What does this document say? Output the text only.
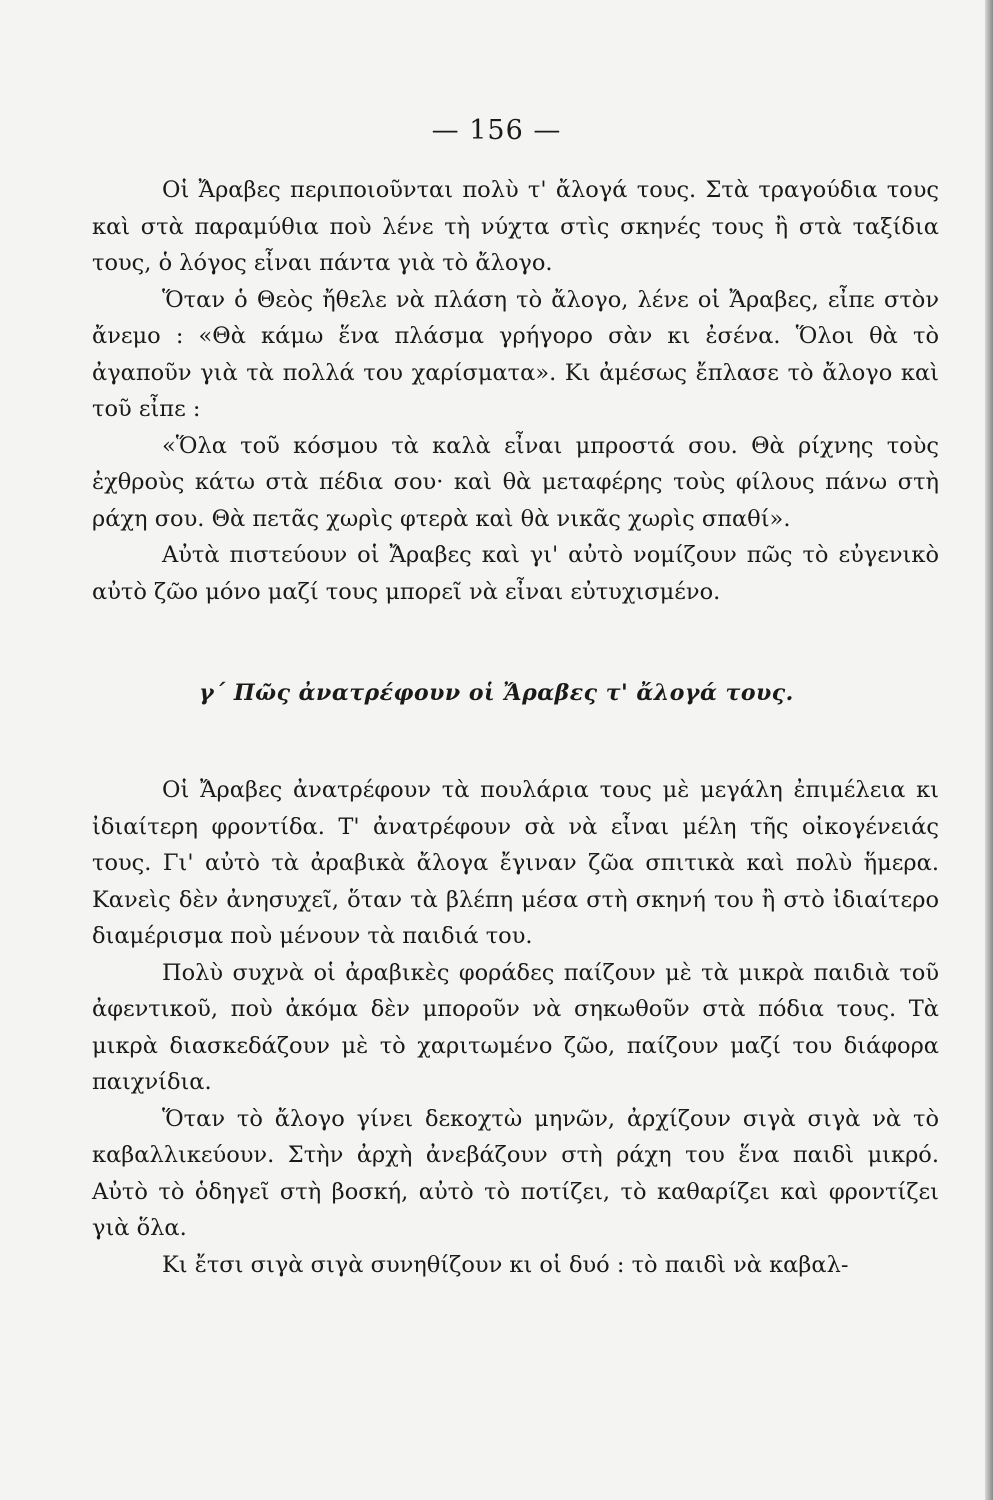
— 156 —

Οἱ Ἄραβες περιποιοῦνται πολὺ τ' ἄλογά τους. Στὰ τραγούδια τους καὶ στὰ παραμύθια ποὺ λένε τὴ νύχτα στὶς σκηνές τους ἢ στὰ ταξίδια τους, ὁ λόγος εἶναι πάντα γιὰ τὸ ἄλογο.

Ὅταν ὁ Θεὸς ἤθελε νὰ πλάση τὸ ἄλογο, λένε οἱ Ἄραβες, εἶπε στὸν ἄνεμο : «Θὰ κάμω ἕνα πλάσμα γρήγορο σὰν κι ἐσένα. Ὅλοι θὰ τὸ ἀγαποῦν γιὰ τὰ πολλά του χαρίσματα». Κι ἀμέσως ἔπλασε τὸ ἄλογο καὶ τοῦ εἶπε :

«Ὅλα τοῦ κόσμου τὰ καλὰ εἶναι μπροστά σου. Θὰ ρίχνης τοὺς ἐχθροὺς κάτω στὰ πέδια σου· καὶ θὰ μεταφέρης τοὺς φίλους πάνω στὴ ράχη σου. Θὰ πετᾶς χωρὶς φτερὰ καὶ θὰ νικᾶς χωρὶς σπαθί».

Αὐτὰ πιστεύουν οἱ Ἄραβες καὶ γι' αὐτὸ νομίζουν πῶς τὸ εὐγενικὸ αὐτὸ ζῶο μόνο μαζί τους μπορεῖ νὰ εἶναι εὐτυχισμένο.

γ΄ Πῶς ἀνατρέφουν οἱ Ἄραβες τ' ἄλογά τους.

Οἱ Ἄραβες ἀνατρέφουν τὰ πουλάρια τους μὲ μεγάλη ἐπιμέλεια κι ἰδιαίτερη φροντίδα. Τ' ἀνατρέφουν σὰ νὰ εἶναι μέλη τῆς οἰκογένειάς τους. Γι' αὐτὸ τὰ ἀραβικὰ ἄλογα ἔγιναν ζῶα σπιτικὰ καὶ πολὺ ἥμερα. Κανεὶς δὲν ἀνησυχεῖ, ὅταν τὰ βλέπη μέσα στὴ σκηνή του ἢ στὸ ἰδιαίτερο διαμέρισμα ποὺ μένουν τὰ παιδιά του.

Πολὺ συχνὰ οἱ ἀραβικὲς φοράδες παίζουν μὲ τὰ μικρὰ παιδιὰ τοῦ ἀφεντικοῦ, ποὺ ἀκόμα δὲν μποροῦν νὰ σηκωθοῦν στὰ πόδια τους. Τὰ μικρὰ διασκεδάζουν μὲ τὸ χαριτωμένο ζῶο, παίζουν μαζί του διάφορα παιχνίδια.

Ὅταν τὸ ἄλογο γίνει δεκοχτὼ μηνῶν, ἀρχίζουν σιγὰ σιγὰ νὰ τὸ καβαλλικεύουν. Στὴν ἀρχὴ ἀνεβάζουν στὴ ράχη του ἕνα παιδὶ μικρό. Αὐτὸ τὸ ὁδηγεῖ στὴ βοσκή, αὐτὸ τὸ ποτίζει, τὸ καθαρίζει καὶ φροντίζει γιὰ ὅλα.

Κι ἔτσι σιγὰ σιγὰ συνηθίζουν κι οἱ δυό : τὸ παιδὶ νὰ καβαλ-
